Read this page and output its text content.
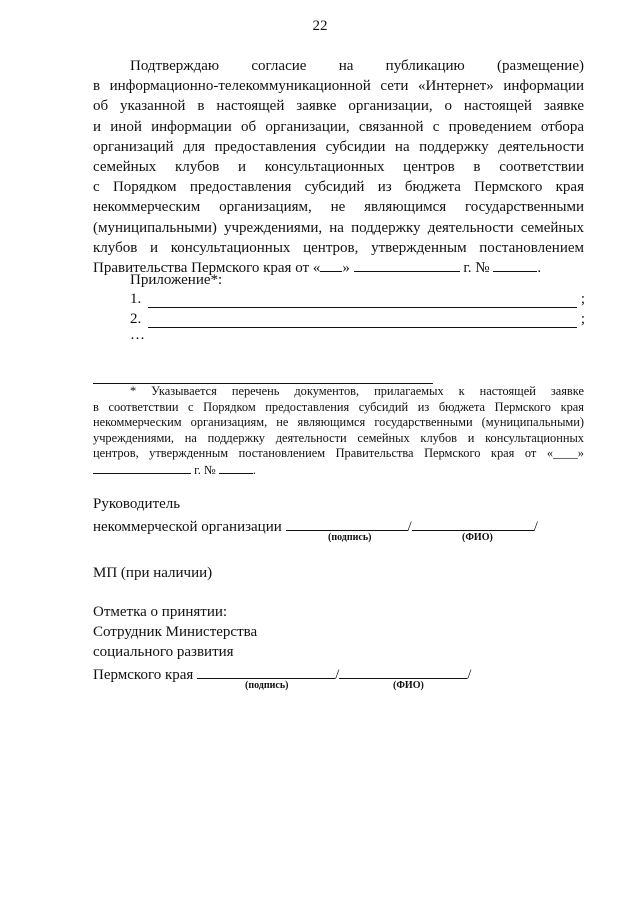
22
Подтверждаю согласие на публикацию (размещение)
в информационно-телекоммуникационной сети «Интернет» информации
об указанной в настоящей заявке организации, о настоящей заявке
и иной информации об организации, связанной с проведением отбора
организаций для предоставления субсидии на поддержку деятельности
семейных клубов и консультационных центров в соответствии
с Порядком предоставления субсидий из бюджета Пермского края
некоммерческим организациям, не являющимся государственными
(муниципальными) учреждениями, на поддержку деятельности семейных
клубов и консультационных центров, утвержденным постановлением
Правительства Пермского края от « »	г. №	.
Приложение*:
1.	;
2.	;
…
* Указывается перечень документов, прилагаемых к настоящей заявке
в соответствии с Порядком предоставления субсидий из бюджета Пермского края
некоммерческим организациям, не являющимся государственными (муниципальными)
учреждениями, на поддержку деятельности семейных клубов и консультационных
центров, утвержденным постановлением Правительства Пермского края от «____»
г. №	.
Руководитель
некоммерческой организации	/	/
(подпись)	(ФИО)
МП (при наличии)
Отметка о принятии:
Сотрудник Министерства
социального развития
Пермского края	/	/
(подпись)	(ФИО)
